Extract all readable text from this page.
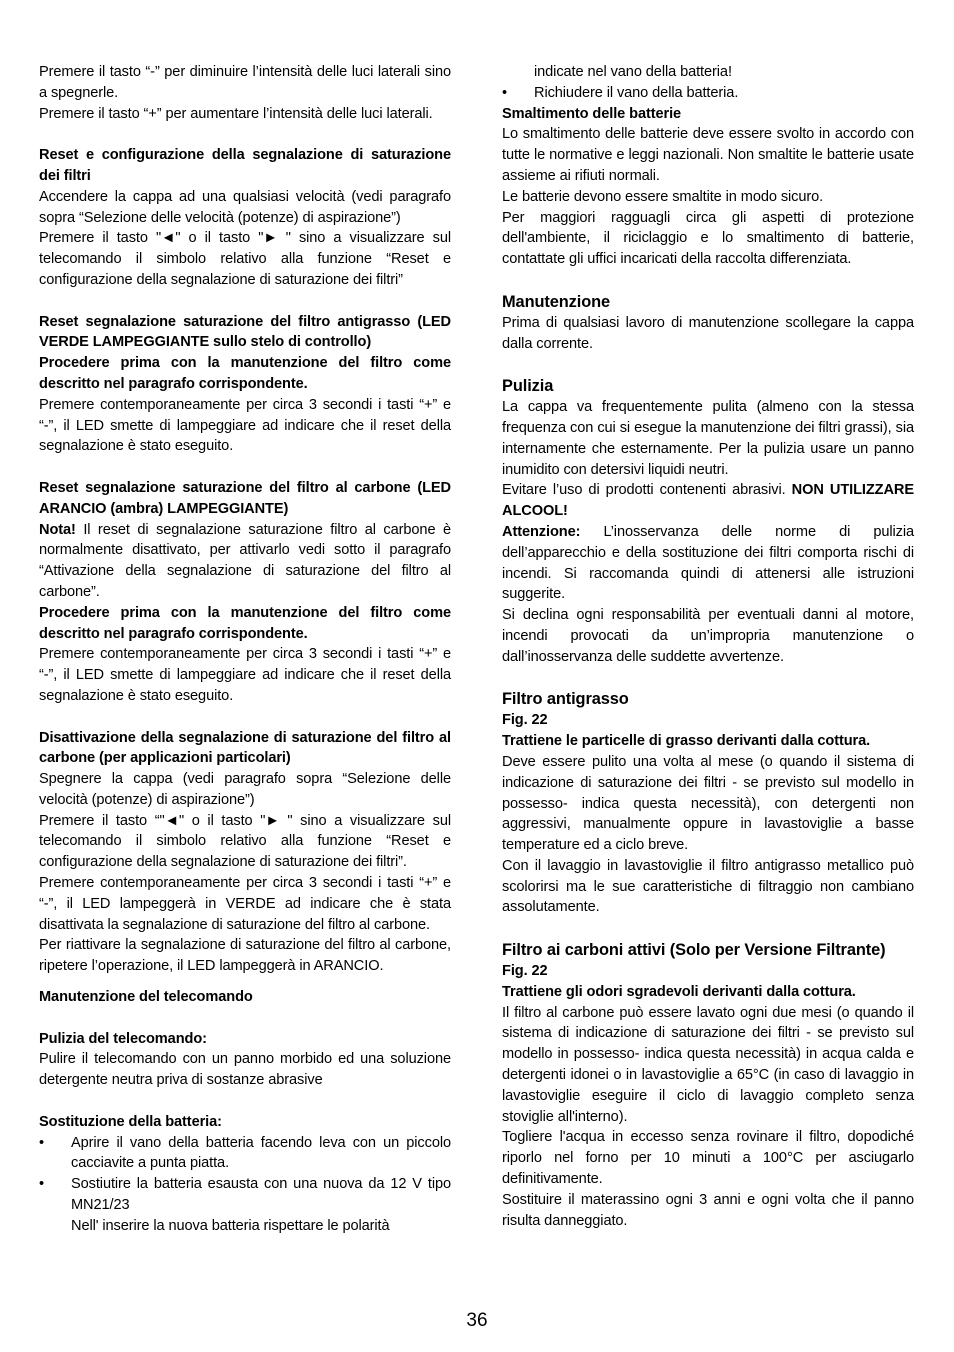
Premere il tasto “-” per diminuire l’intensità delle luci laterali sino a spegnerle.

Premere il tasto “+” per aumentare l’intensità delle luci laterali.

Reset e configurazione della segnalazione di saturazione dei filtri

Accendere la cappa ad una qualsiasi velocità (vedi paragrafo sopra “Selezione delle velocità (potenze) di aspirazione”)

Premere il tasto "◄" o il tasto "► " sino a visualizzare sul telecomando il simbolo relativo alla funzione “Reset e configurazione della segnalazione di saturazione dei filtri”

Reset segnalazione saturazione del filtro antigrasso (LED VERDE LAMPEGGIANTE sullo stelo di controllo)

Procedere prima con la manutenzione del filtro come descritto nel paragrafo corrispondente.

Premere contemporaneamente per circa 3 secondi i tasti “+” e “-”, il LED smette di lampeggiare ad indicare che il reset della segnalazione è stato eseguito.

Reset segnalazione saturazione del filtro al carbone (LED ARANCIO (ambra) LAMPEGGIANTE)

Nota! Il reset di segnalazione saturazione filtro al carbone è normalmente disattivato, per attivarlo vedi sotto il paragrafo “Attivazione della segnalazione di saturazione del filtro al carbone”.

Procedere prima con la manutenzione del filtro come descritto nel paragrafo corrispondente.

Premere contemporaneamente per circa 3 secondi i tasti “+” e “-”, il LED smette di lampeggiare ad indicare che il reset della segnalazione è stato eseguito.

Disattivazione della segnalazione di saturazione del filtro al carbone (per applicazioni particolari)

Spegnere la cappa (vedi paragrafo sopra “Selezione delle velocità (potenze) di aspirazione”)

Premere il tasto “"◄" o il tasto "► " sino a visualizzare sul telecomando il simbolo relativo alla funzione “Reset e configurazione della segnalazione di saturazione dei filtri”.

Premere contemporaneamente per circa 3 secondi i tasti “+” e “-”, il LED lampeggerà in VERDE ad indicare che è stata disattivata la segnalazione di saturazione del filtro al carbone.

Per riattivare la segnalazione di saturazione del filtro al carbone, ripetere l’operazione, il LED lampeggerà in ARANCIO.

Manutenzione del telecomando

Pulizia del telecomando:

Pulire il telecomando con un panno morbido ed una soluzione detergente neutra priva di sostanze abrasive

Sostituzione della batteria:

• Aprire il vano della batteria facendo leva con un piccolo cacciavite a punta piatta.
• Sostiutire la batteria esausta con una nuova da 12 V tipo MN21/23

Nell' inserire la nuova batteria rispettare le polarità

indicate nel vano della batteria!

• Richiudere il vano della batteria.

Smaltimento delle batterie

Lo smaltimento delle batterie deve essere svolto in accordo con tutte le normative e leggi nazionali. Non smaltite le batterie usate assieme ai rifiuti normali.

Le batterie devono essere smaltite in modo sicuro.

Per maggiori ragguagli circa gli aspetti di protezione dell'ambiente, il riciclaggio e lo smaltimento di batterie, contattate gli uffici incaricati della raccolta differenziata.

Manutenzione

Prima di qualsiasi lavoro di manutenzione scollegare la cappa dalla corrente.

Pulizia

La cappa va frequentemente pulita (almeno con la stessa frequenza con cui si esegue la manutenzione dei filtri grassi), sia internamente che esternamente. Per la pulizia usare un panno inumidito con detersivi liquidi neutri.

Evitare l’uso di prodotti contenenti abrasivi. NON UTILIZZARE ALCOOL!

Attenzione: L’inosservanza delle norme di pulizia dell’apparecchio e della sostituzione dei filtri comporta rischi di incendi. Si raccomanda quindi di attenersi alle istruzioni suggerite.

Si declina ogni responsabilità per eventuali danni al motore, incendi provocati da un’impropria manutenzione o dall’inosservanza delle suddette avvertenze.

Filtro antigrasso

Fig. 22

Trattiene le particelle di grasso derivanti dalla cottura.

Deve essere pulito una volta al mese (o quando il sistema di indicazione di saturazione dei filtri - se previsto sul modello in possesso- indica questa necessità), con detergenti non aggressivi, manualmente oppure in lavastoviglie a basse temperature ed a ciclo breve.

Con il lavaggio in lavastoviglie il filtro antigrasso metallico può scolorirsi ma le sue caratteristiche di filtraggio non cambiano assolutamente.

Filtro ai carboni attivi (Solo per Versione Filtrante)

Fig. 22

Trattiene gli odori sgradevoli derivanti dalla cottura.

Il filtro al carbone può essere lavato ogni due mesi (o quando il sistema di indicazione di saturazione dei filtri - se previsto sul modello in possesso- indica questa necessità) in acqua calda e detergenti idonei o in lavastoviglie a 65°C (in caso di lavaggio in lavastoviglie eseguire il ciclo di lavaggio completo senza stoviglie all'interno).

Togliere l'acqua in eccesso senza rovinare il filtro, dopodiché riporlo nel forno per 10 minuti a 100°C per asciugarlo definitivamente.

Sostituire il materassino ogni 3 anni e ogni volta che il panno risulta danneggiato.

36
